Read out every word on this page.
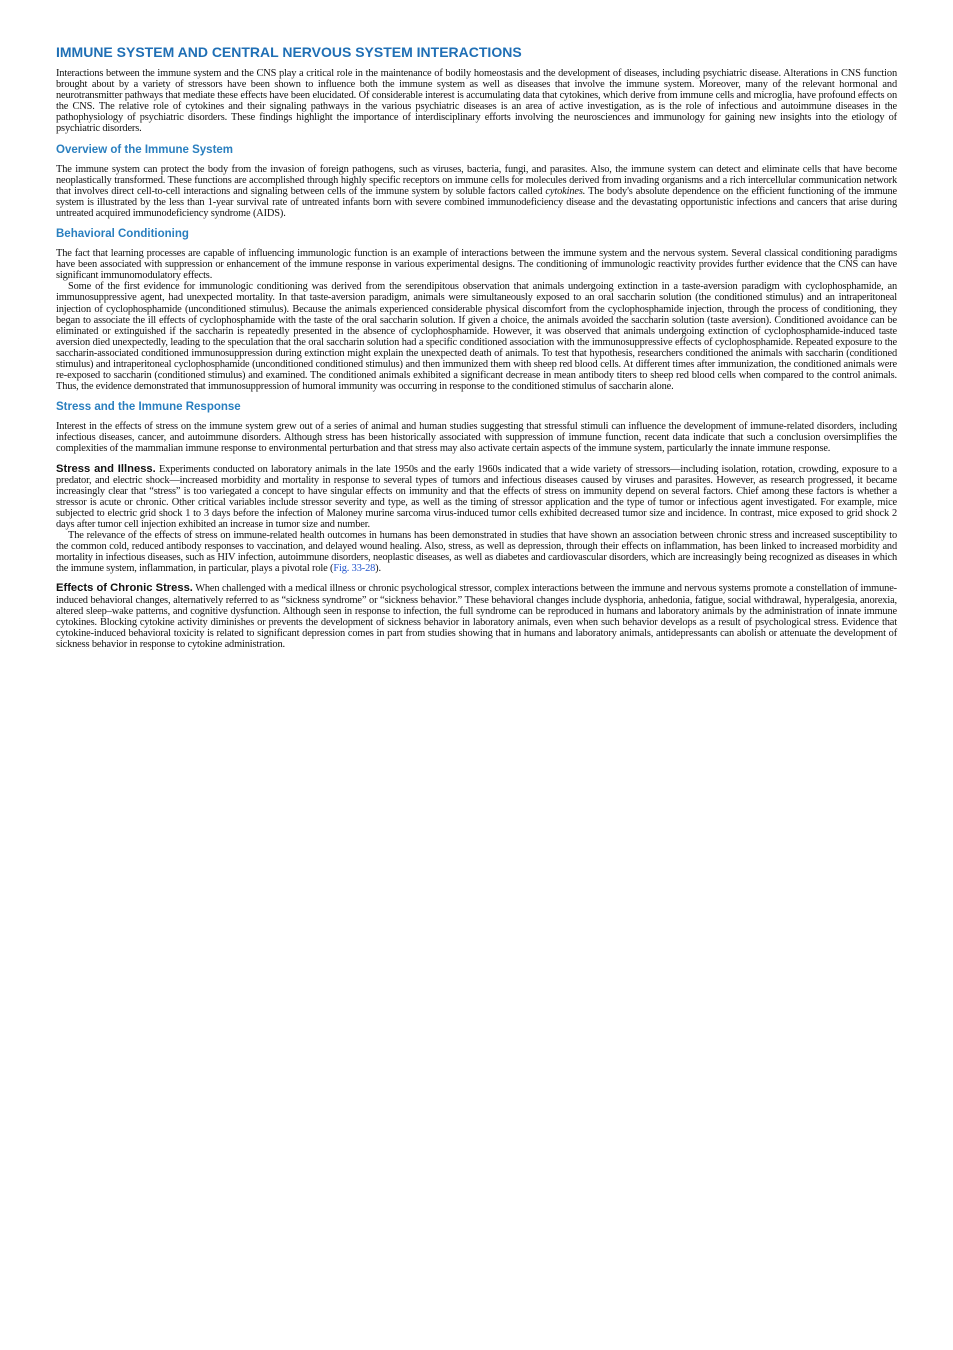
IMMUNE SYSTEM AND CENTRAL NERVOUS SYSTEM INTERACTIONS

Interactions between the immune system and the CNS play a critical role in the maintenance of bodily homeostasis and the development of diseases, including psychiatric disease. Alterations in CNS function brought about by a variety of stressors have been shown to influence both the immune system as well as diseases that involve the immune system. Moreover, many of the relevant hormonal and neurotransmitter pathways that mediate these effects have been elucidated. Of considerable interest is accumulating data that cytokines, which derive from immune cells and microglia, have profound effects on the CNS. The relative role of cytokines and their signaling pathways in the various psychiatric diseases is an area of active investigation, as is the role of infectious and autoimmune diseases in the pathophysiology of psychiatric disorders. These findings highlight the importance of interdisciplinary efforts involving the neurosciences and immunology for gaining new insights into the etiology of psychiatric disorders.

Overview of the Immune System

The immune system can protect the body from the invasion of foreign pathogens, such as viruses, bacteria, fungi, and parasites. Also, the immune system can detect and eliminate cells that have become neoplastically transformed. These functions are accomplished through highly specific receptors on immune cells for molecules derived from invading organisms and a rich intercellular communication network that involves direct cell-to-cell interactions and signaling between cells of the immune system by soluble factors called cytokines. The body's absolute dependence on the efficient functioning of the immune system is illustrated by the less than 1-year survival rate of untreated infants born with severe combined immunodeficiency disease and the devastating opportunistic infections and cancers that arise during untreated acquired immunodeficiency syndrome (AIDS).

Behavioral Conditioning

The fact that learning processes are capable of influencing immunologic function is an example of interactions between the immune system and the nervous system. Several classical conditioning paradigms have been associated with suppression or enhancement of the immune response in various experimental designs. The conditioning of immunologic reactivity provides further evidence that the CNS can have significant immunomodulatory effects.

Some of the first evidence for immunologic conditioning was derived from the serendipitous observation that animals undergoing extinction in a taste-aversion paradigm with cyclophosphamide, an immunosuppressive agent, had unexpected mortality. In that taste-aversion paradigm, animals were simultaneously exposed to an oral saccharin solution (the conditioned stimulus) and an intraperitoneal injection of cyclophosphamide (unconditioned stimulus). Because the animals experienced considerable physical discomfort from the cyclophosphamide injection, through the process of conditioning, they began to associate the ill effects of cyclophosphamide with the taste of the oral saccharin solution. If given a choice, the animals avoided the saccharin solution (taste aversion). Conditioned avoidance can be eliminated or extinguished if the saccharin is repeatedly presented in the absence of cyclophosphamide. However, it was observed that animals undergoing extinction of cyclophosphamide-induced taste aversion died unexpectedly, leading to the speculation that the oral saccharin solution had a specific conditioned association with the immunosuppressive effects of cyclophosphamide. Repeated exposure to the saccharin-associated conditioned immunosuppression during extinction might explain the unexpected death of animals. To test that hypothesis, researchers conditioned the animals with saccharin (conditioned stimulus) and intraperitoneal cyclophosphamide (unconditioned conditioned stimulus) and then immunized them with sheep red blood cells. At different times after immunization, the conditioned animals were re-exposed to saccharin (conditioned stimulus) and examined. The conditioned animals exhibited a significant decrease in mean antibody titers to sheep red blood cells when compared to the control animals. Thus, the evidence demonstrated that immunosuppression of humoral immunity was occurring in response to the conditioned stimulus of saccharin alone.

Stress and the Immune Response

Interest in the effects of stress on the immune system grew out of a series of animal and human studies suggesting that stressful stimuli can influence the development of immune-related disorders, including infectious diseases, cancer, and autoimmune disorders. Although stress has been historically associated with suppression of immune function, recent data indicate that such a conclusion oversimplifies the complexities of the mammalian immune response to environmental perturbation and that stress may also activate certain aspects of the immune system, particularly the innate immune response.

Stress and Illness. Experiments conducted on laboratory animals in the late 1950s and the early 1960s indicated that a wide variety of stressors—including isolation, rotation, crowding, exposure to a predator, and electric shock—increased morbidity and mortality in response to several types of tumors and infectious diseases caused by viruses and parasites. However, as research progressed, it became increasingly clear that “stress” is too variegated a concept to have singular effects on immunity and that the effects of stress on immunity depend on several factors. Chief among these factors is whether a stressor is acute or chronic. Other critical variables include stressor severity and type, as well as the timing of stressor application and the type of tumor or infectious agent investigated. For example, mice subjected to electric grid shock 1 to 3 days before the infection of Maloney murine sarcoma virus-induced tumor cells exhibited decreased tumor size and incidence. In contrast, mice exposed to grid shock 2 days after tumor cell injection exhibited an increase in tumor size and number.

The relevance of the effects of stress on immune-related health outcomes in humans has been demonstrated in studies that have shown an association between chronic stress and increased susceptibility to the common cold, reduced antibody responses to vaccination, and delayed wound healing. Also, stress, as well as depression, through their effects on inflammation, has been linked to increased morbidity and mortality in infectious diseases, such as HIV infection, autoimmune disorders, neoplastic diseases, as well as diabetes and cardiovascular disorders, which are increasingly being recognized as diseases in which the immune system, inflammation, in particular, plays a pivotal role (Fig. 33-28).

Effects of Chronic Stress. When challenged with a medical illness or chronic psychological stressor, complex interactions between the immune and nervous systems promote a constellation of immune-induced behavioral changes, alternatively referred to as “sickness syndrome” or “sickness behavior.” These behavioral changes include dysphoria, anhedonia, fatigue, social withdrawal, hyperalgesia, anorexia, altered sleep–wake patterns, and cognitive dysfunction. Although seen in response to infection, the full syndrome can be reproduced in humans and laboratory animals by the administration of innate immune cytokines. Blocking cytokine activity diminishes or prevents the development of sickness behavior in laboratory animals, even when such behavior develops as a result of psychological stress. Evidence that cytokine-induced behavioral toxicity is related to significant depression comes in part from studies showing that in humans and laboratory animals, antidepressants can abolish or attenuate the development of sickness behavior in response to cytokine administration.
